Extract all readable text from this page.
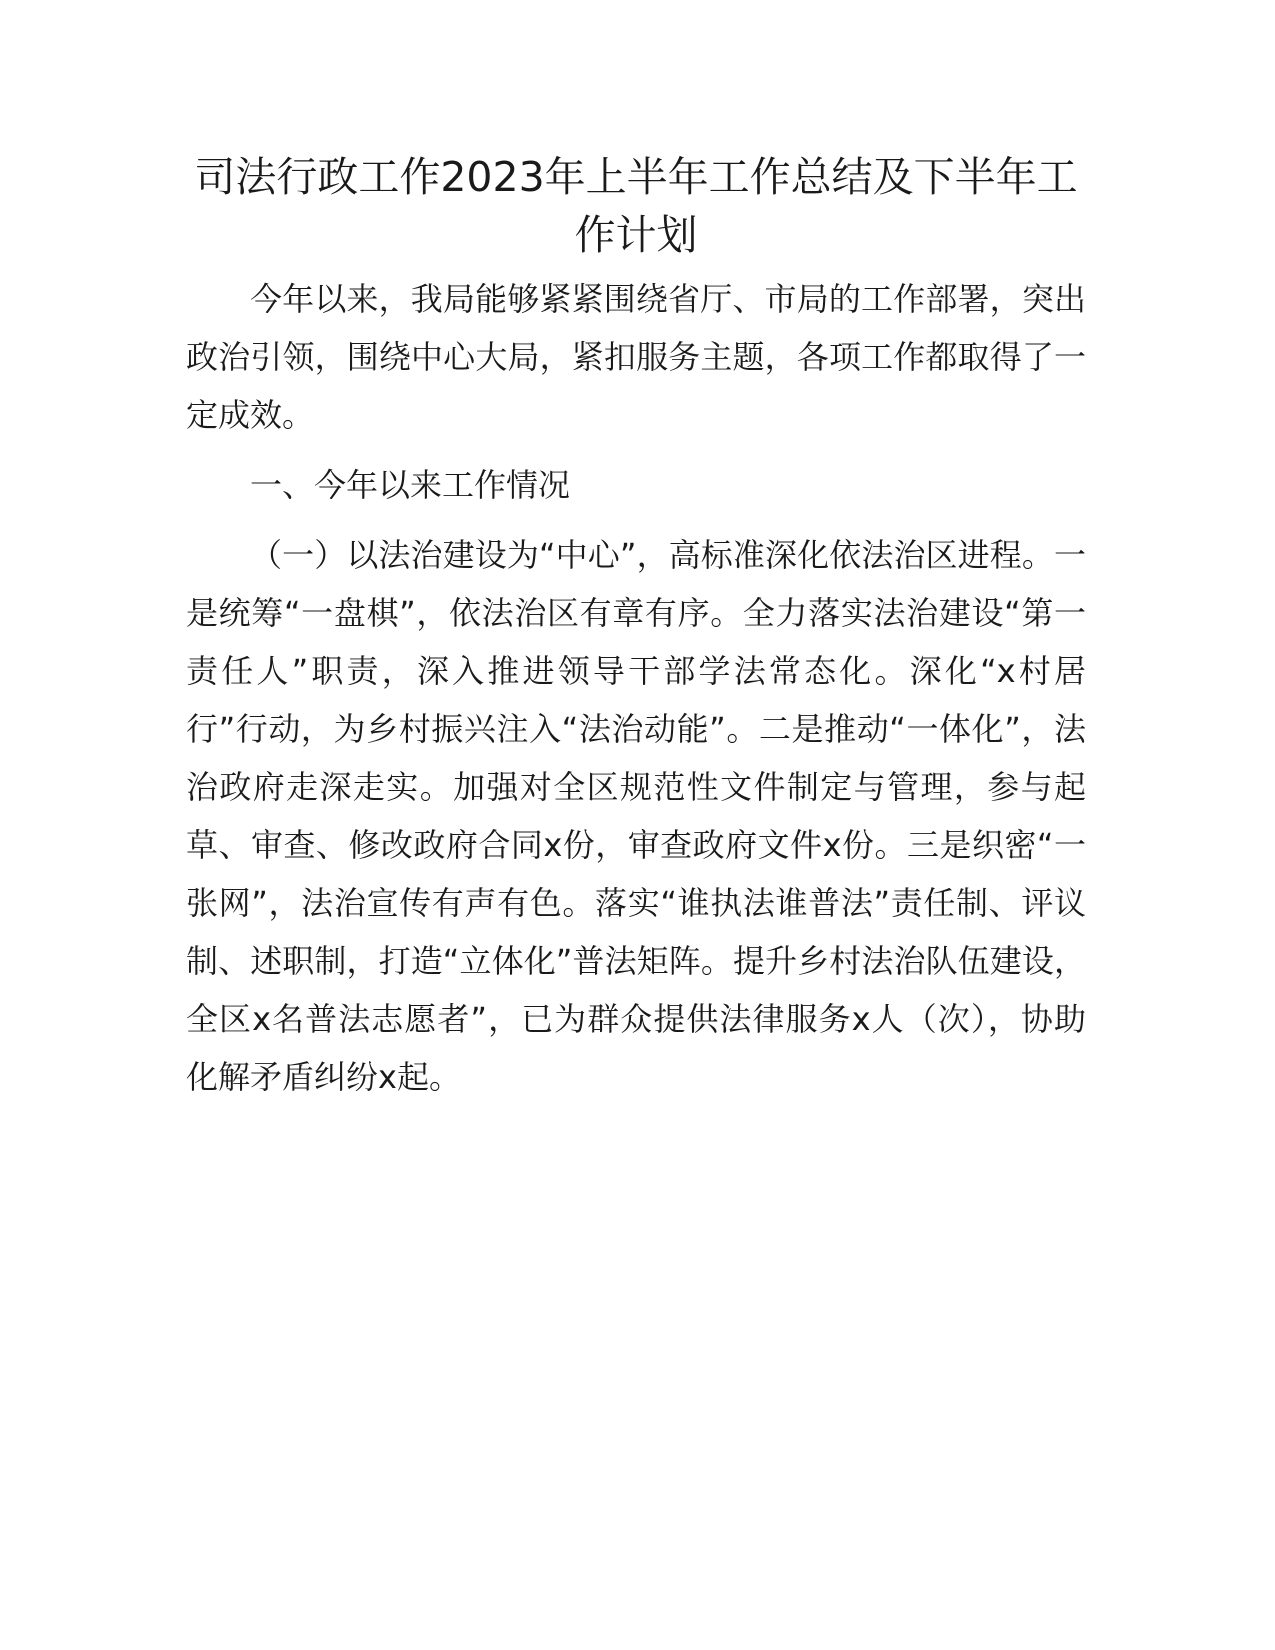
司法行政工作2023年上半年工作总结及下半年工作计划

今年以来，我局能够紧紧围绕省厅、市局的工作部署，突出政治引领，围绕中心大局，紧扣服务主题，各项工作都取得了一定成效。

一、今年以来工作情况

（一）以法治建设为“中心”，高标准深化依法治区进程。一是统筹“一盘棋”，依法治区有章有序。全力落实法治建设“第一责任人”职责，深入推进领导干部学法常态化。深化“x村居行”行动，为乡村振兴注入“法治动能”。二是推动“一体化”，法治政府走深走实。加强对全区规范性文件制定与管理，参与起草、审查、修改政府合同x份，审查政府文件x份。三是织密“一张网”，法治宣传有声有色。落实“谁执法谁普法”责任制、评议制、述职制，打造“立体化”普法矩阵。提升乡村法治队伍建设，全区x名普法志愿者”，已为群众提供法律服务x人（次），协助化解矛盾纠纷x起。
